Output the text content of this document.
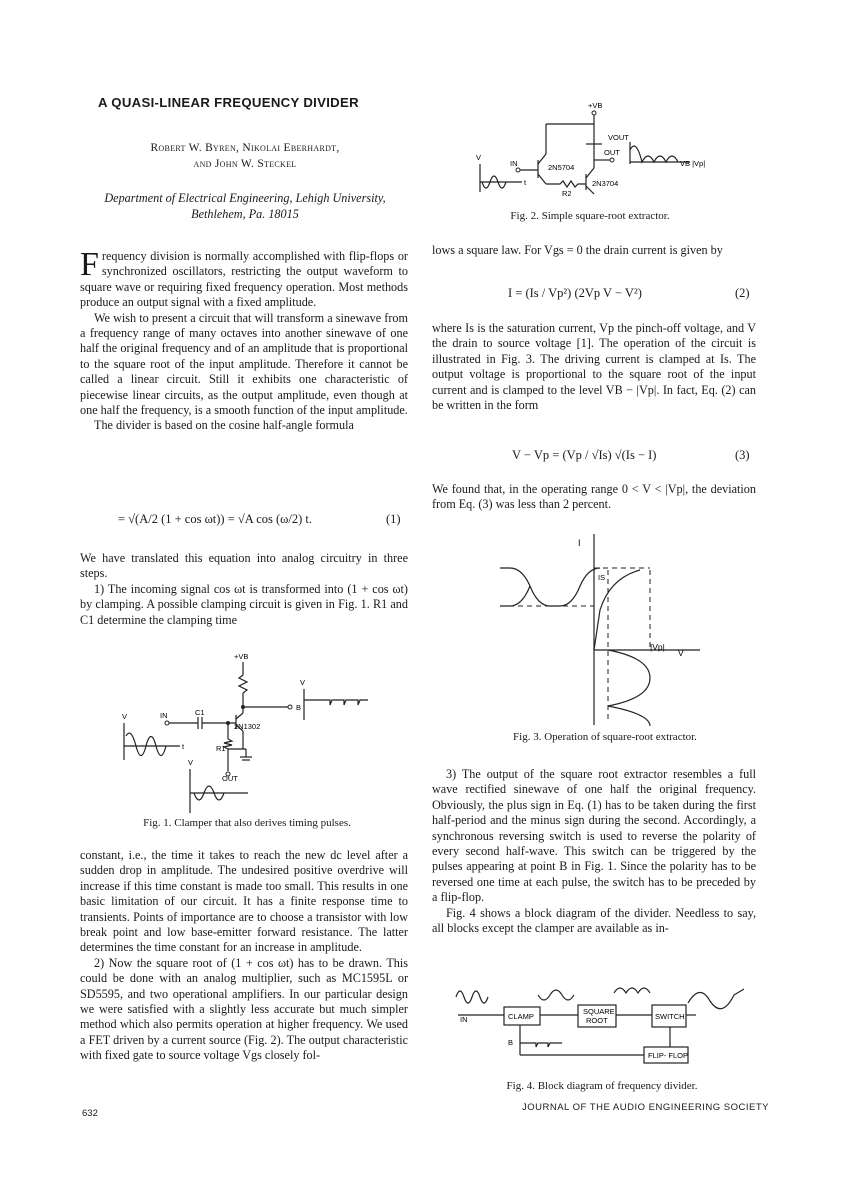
A QUASI-LINEAR FREQUENCY DIVIDER
Robert W. Byren, Nikolai Eberhardt,
and John W. Steckel
Department of Electrical Engineering, Lehigh University,
Bethlehem, Pa. 18015

Frequency division is normally accomplished with flip-flops or synchronized oscillators, restricting the output waveform to square wave or requiring fixed frequency operation. Most methods produce an output signal with a fixed amplitude.

We wish to present a circuit that will transform a sinewave from a frequency range of many octaves into another sinewave of one half the original frequency and of an amplitude that is proportional to the square root of the input amplitude. Therefore it cannot be called a linear circuit. Still it exhibits one characteristic of piecewise linear circuits, as the output amplitude, even though at one half the frequency, is a smooth function of the input amplitude.

The divider is based on the cosine half-angle formula

= √(A/2 (1 + cos ωt)) = √A cos (ω/2) t.	(1)

We have translated this equation into analog circuitry in three steps.

1) The incoming signal cos ωt is transformed into (1 + cos ωt) by clamping. A possible clamping circuit is given in Fig. 1. R1 and C1 determine the clamping time

+VB
B
2N1302
IN	C1
R1
OUT
V
t
V
V
Fig. 1. Clamper that also derives timing pulses.

constant, i.e., the time it takes to reach the new dc level after a sudden drop in amplitude. The undesired positive overdrive will increase if this time constant is made too small. This results in one basic limitation of our circuit. It has a finite response time to transients. Points of importance are to choose a transistor with low break point and low base-emitter forward resistance. The latter determines the time constant for an increase in amplitude.

2) Now the square root of (1 + cos ωt) has to be drawn. This could be done with an analog multiplier, such as MC1595L or SD5595, and two operational amplifiers. In our particular design we were satisfied with a slightly less accurate but much simpler method which also permits operation at higher frequency. We used a FET driven by a current source (Fig. 2). The output characteristic with fixed gate to source voltage Vgs closely fol-

+VB
VOUT
OUT
V
IN	2N5704
R2
2N3704
t
VB |Vp|
Fig. 2. Simple square-root extractor.

lows a square law. For Vgs = 0 the drain current is given by

I = (Is / Vp²) (2Vp V − V²)	(2)

where Is is the saturation current, Vp the pinch-off voltage, and V the drain to source voltage [1]. The operation of the circuit is illustrated in Fig. 3. The driving current is clamped at Is. The output voltage is proportional to the square root of the input current and is clamped to the level VB − |Vp|. In fact, Eq. (2) can be written in the form

V − Vp = (Vp / √Is) √(Is − I)	(3)

We found that, in the operating range 0 < V < |Vp|, the deviation from Eq. (3) was less than 2 percent.

I
IS
|Vp|
V
Fig. 3. Operation of square-root extractor.

3) The output of the square root extractor resembles a full wave rectified sinewave of one half the original frequency. Obviously, the plus sign in Eq. (1) has to be taken during the first half-period and the minus sign during the second. Accordingly, a synchronous reversing switch is used to reverse the polarity of every second half-wave. This switch can be triggered by the pulses appearing at point B in Fig. 1. Since the polarity has to be reversed one time at each pulse, the switch has to be preceded by a flip-flop.

Fig. 4 shows a block diagram of the divider. Needless to say, all blocks except the clamper are available as in-

IN	CLAMP
SQUARE
ROOT	SWITCH
B
FLIP- FLOP
Fig. 4. Block diagram of frequency divider.
632
JOURNAL OF THE AUDIO ENGINEERING SOCIETY
